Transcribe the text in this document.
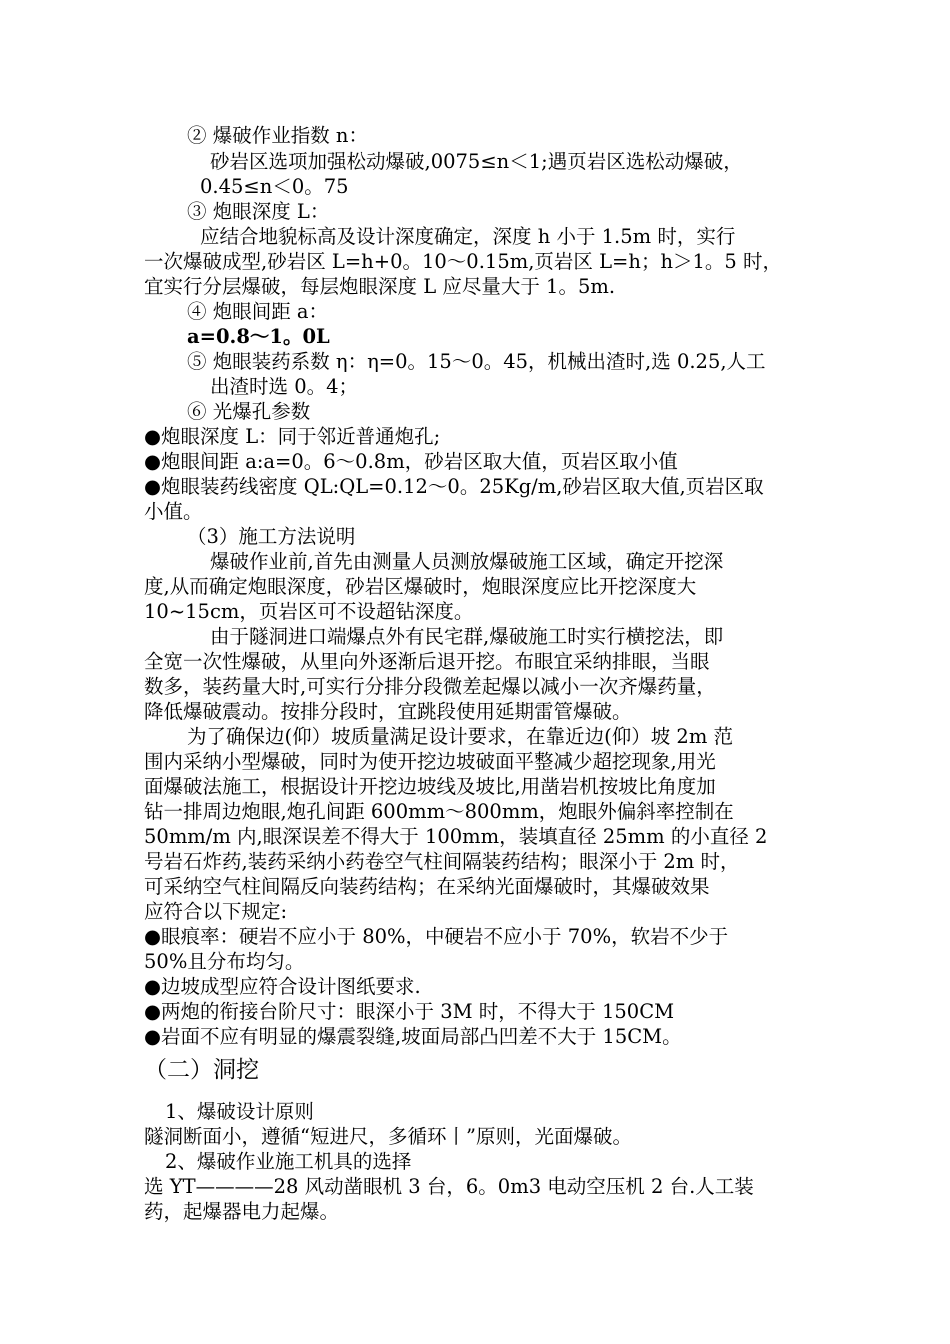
② 爆破作业指数 n：
砂岩区选项加强松动爆破,0075≤n＜1;遇页岩区选松动爆破，
0.45≤n＜0。75
③ 炮眼深度 L：
应结合地貌标高及设计深度确定，深度 h 小于 1.5m 时，实行
一次爆破成型,砂岩区 L=h+0。10～0.15m,页岩区 L=h；h＞1。5 时，
宜实行分层爆破，每层炮眼深度 L 应尽量大于 1。5m.
④ 炮眼间距 a：
a=0.8～1。0L
⑤ 炮眼装药系数 η：η=0。15～0。45，机械出渣时,选 0.25,人工
出渣时选 0。4；
⑥ 光爆孔参数
●炮眼深度 L：同于邻近普通炮孔;
●炮眼间距 a:a=0。6～0.8m，砂岩区取大值，页岩区取小值
●炮眼装药线密度 QL:QL=0.12～0。25Kg/m,砂岩区取大值,页岩区取
小值。
（3）施工方法说明
爆破作业前,首先由测量人员测放爆破施工区域，确定开挖深
度,从而确定炮眼深度，砂岩区爆破时，炮眼深度应比开挖深度大
10~15cm，页岩区可不设超钻深度。
由于隧洞进口端爆点外有民宅群,爆破施工时实行横挖法，即
全宽一次性爆破，从里向外逐渐后退开挖。布眼宜采纳排眼，当眼
数多，装药量大时,可实行分排分段微差起爆以减小一次齐爆药量，
降低爆破震动。按排分段时，宜跳段使用延期雷管爆破。
为了确保边(仰）坡质量满足设计要求，在靠近边(仰）坡 2m 范
围内采纳小型爆破，同时为使开挖边坡破面平整减少超挖现象,用光
面爆破法施工，根据设计开挖边坡线及坡比,用凿岩机按坡比角度加
钻一排周边炮眼,炮孔间距 600mm～800mm，炮眼外偏斜率控制在
50mm/m 内,眼深误差不得大于 100mm，装填直径 25mm 的小直径 2
号岩石炸药,装药采纳小药卷空气柱间隔装药结构；眼深小于 2m 时，
可采纳空气柱间隔反向装药结构；在采纳光面爆破时，其爆破效果
应符合以下规定:
●眼痕率：硬岩不应小于 80%，中硬岩不应小于 70%，软岩不少于
50%且分布均匀。
●边坡成型应符合设计图纸要求.
●两炮的衔接台阶尺寸：眼深小于 3M 时，不得大于 150CM
●岩面不应有明显的爆震裂缝,坡面局部凸凹差不大于 15CM。
（二）洞挖
1、爆破设计原则
隧洞断面小，遵循“短进尺，多循环丨”原则，光面爆破。
2、爆破作业施工机具的选择
选 YT————28 风动凿眼机 3 台，6。0m3 电动空压机 2 台.人工装
药，起爆器电力起爆。
